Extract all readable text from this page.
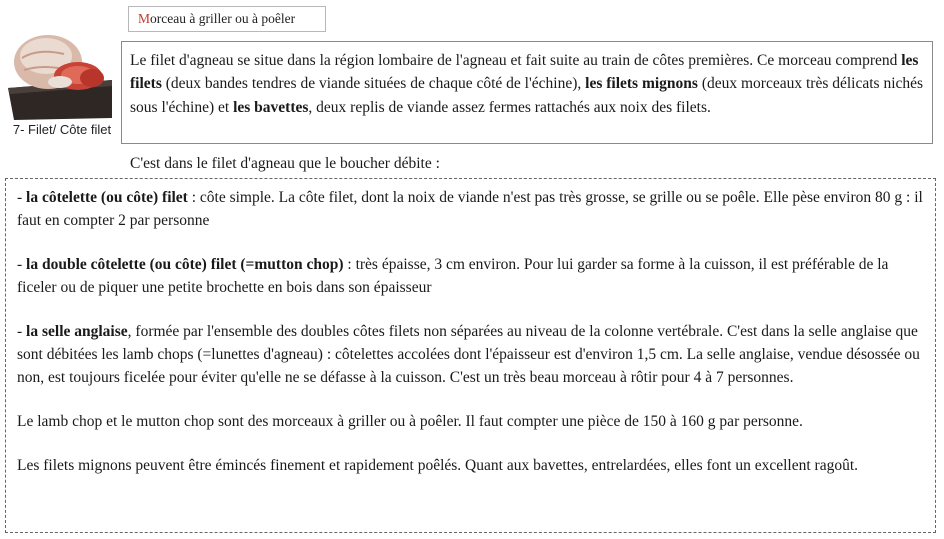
7- Filet/ Côte filet
Morceau à griller ou à poêler
Le filet d'agneau se situe dans la région lombaire de l'agneau et fait suite au train de côtes premières. Ce morceau comprend les filets (deux bandes tendres de viande situées de chaque côté de l'échine), les filets mignons (deux morceaux très délicats nichés sous l'échine) et les bavettes, deux replis de viande assez fermes rattachés aux noix des filets.
C'est dans le filet d'agneau que le boucher débite :

- la côtelette (ou côte) filet : côte simple. La côte filet, dont la noix de viande n'est pas très grosse, se grille ou se poêle. Elle pèse environ 80 g : il faut en compter 2 par personne

- la double côtelette (ou côte) filet (=mutton chop) : très épaisse, 3 cm environ. Pour lui garder sa forme à la cuisson, il est préférable de la ficeler ou de piquer une petite brochette en bois dans son épaisseur

- la selle anglaise, formée par l'ensemble des doubles côtes filets non séparées au niveau de la colonne vertébrale. C'est dans la selle anglaise que sont débitées les lamb chops (=lunettes d'agneau) : côtelettes accolées dont l'épaisseur est d'environ 1,5 cm. La selle anglaise, vendue désossée ou non, est toujours ficelée pour éviter qu'elle ne se défasse à la cuisson. C'est un très beau morceau à rôtir pour 4 à 7 personnes.

Le lamb chop et le mutton chop sont des morceaux à griller ou à poêler. Il faut compter une pièce de 150 à 160 g par personne.

Les filets mignons peuvent être émincés finement et rapidement poêlés. Quant aux bavettes, entrelardées, elles font un excellent ragoût.
